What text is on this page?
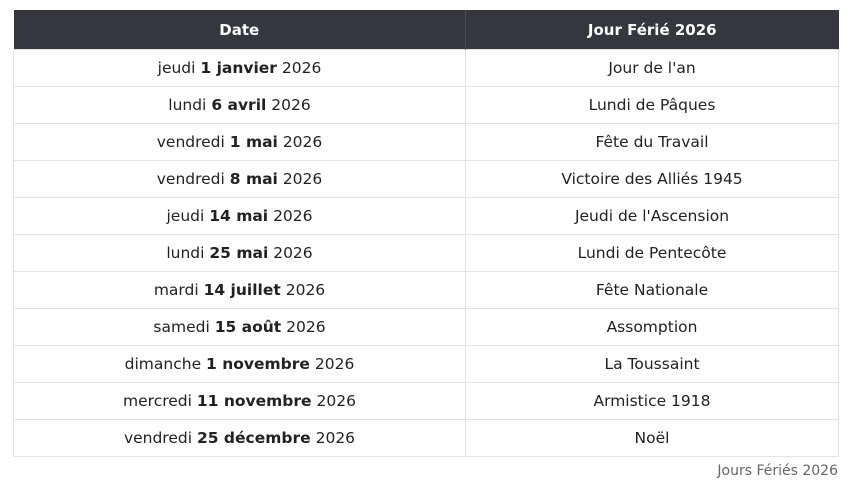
Date	Jour Férié 2026
jeudi 1 janvier 2026	Jour de l'an
lundi 6 avril 2026	Lundi de Pâques
vendredi 1 mai 2026	Fête du Travail
vendredi 8 mai 2026	Victoire des Alliés 1945
jeudi 14 mai 2026	Jeudi de l'Ascension
lundi 25 mai 2026	Lundi de Pentecôte
mardi 14 juillet 2026	Fête Nationale
samedi 15 août 2026	Assomption
dimanche 1 novembre 2026	La Toussaint
mercredi 11 novembre 2026	Armistice 1918
vendredi 25 décembre 2026	Noël
Jours Fériés 2026
